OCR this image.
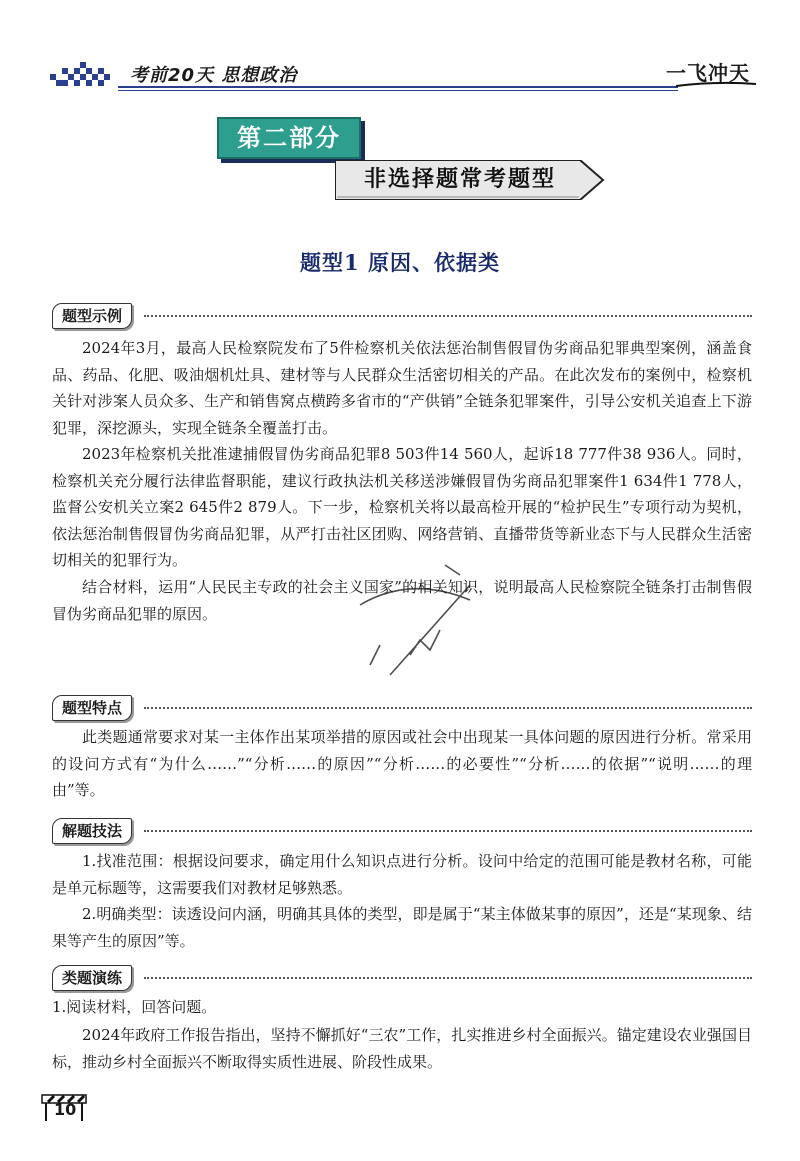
考前20天 思想政治	一飞冲天
第二部分
非选择题常考题型
题型1 原因、依据类
题型示例

2024年3月，最高人民检察院发布了5件检察机关依法惩治制售假冒伪劣商品犯罪典型案例，涵盖食品、药品、化肥、吸油烟机灶具、建材等与人民群众生活密切相关的产品。在此次发布的案例中，检察机关针对涉案人员众多、生产和销售窝点横跨多省市的“产供销”全链条犯罪案件，引导公安机关追查上下游犯罪，深挖源头，实现全链条全覆盖打击。

2023年检察机关批准逮捕假冒伪劣商品犯罪8 503件14 560人，起诉18 777件38 936人。同时，检察机关充分履行法律监督职能，建议行政执法机关移送涉嫌假冒伪劣商品犯罪案件1 634件1 778人，监督公安机关立案2 645件2 879人。下一步，检察机关将以最高检开展的“检护民生”专项行动为契机，依法惩治制售假冒伪劣商品犯罪，从严打击社区团购、网络营销、直播带货等新业态下与人民群众生活密切相关的犯罪行为。

结合材料，运用“人民民主专政的社会主义国家”的相关知识，说明最高人民检察院全链条打击制售假冒伪劣商品犯罪的原因。

题型特点

此类题通常要求对某一主体作出某项举措的原因或社会中出现某一具体问题的原因进行分析。常采用的设问方式有“为什么……”“分析……的原因”“分析……的必要性”“分析……的依据”“说明……的理由”等。

解题技法

1.找准范围：根据设问要求，确定用什么知识点进行分析。设问中给定的范围可能是教材名称，可能是单元标题等，这需要我们对教材足够熟悉。

2.明确类型：读透设问内涵，明确其具体的类型，即是属于“某主体做某事的原因”，还是“某现象、结果等产生的原因”等。

类题演练

1.阅读材料，回答问题。

2024年政府工作报告指出，坚持不懈抓好“三农”工作，扎实推进乡村全面振兴。锚定建设农业强国目标，推动乡村全面振兴不断取得实质性进展、阶段性成果。

10
